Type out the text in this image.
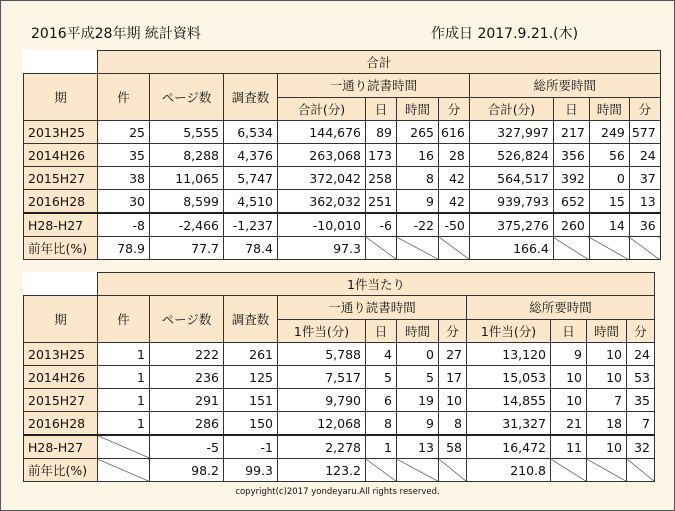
2016平成28年期 統計資料	作成日 2017.9.21.(木)
	合計										
期	件	ページ数	調査数	一通り読書時間				総所要時間			
				合計(分)	日	時間	分	合計(分)	日	時間	分
2013H25	25	5,555	6,534	144,676	89	265	616	327,997	217	249	577
2014H26	35	8,288	4,376	263,068	173	16	28	526,824	356	56	24
2015H27	38	11,065	5,747	372,042	258	8	42	564,517	392	0	37
2016H28	30	8,599	4,510	362,032	251	9	42	939,793	652	15	13
H28-H27	-8	-2,466	-1,237	-10,010	-6	-22	-50	375,276	260	14	36
前年比(%)	78.9	77.7	78.4	97.3				166.4			
	1件当たり										
期	件	ページ数	調査数	一通り読書時間				総所要時間			
				1件当(分)	日	時間	分	1件当(分)	日	時間	分
2013H25	1	222	261	5,788	4	0	27	13,120	9	10	24
2014H26	1	236	125	7,517	5	5	17	15,053	10	10	53
2015H27	1	291	151	9,790	6	19	10	14,855	10	7	35
2016H28	1	286	150	12,068	8	9	8	31,327	21	18	7
H28-H27		-5	-1	2,278	1	13	58	16,472	11	10	32
前年比(%)		98.2	99.3	123.2				210.8			
copyright(c)2017 yondeyaru.All rights reserved.
